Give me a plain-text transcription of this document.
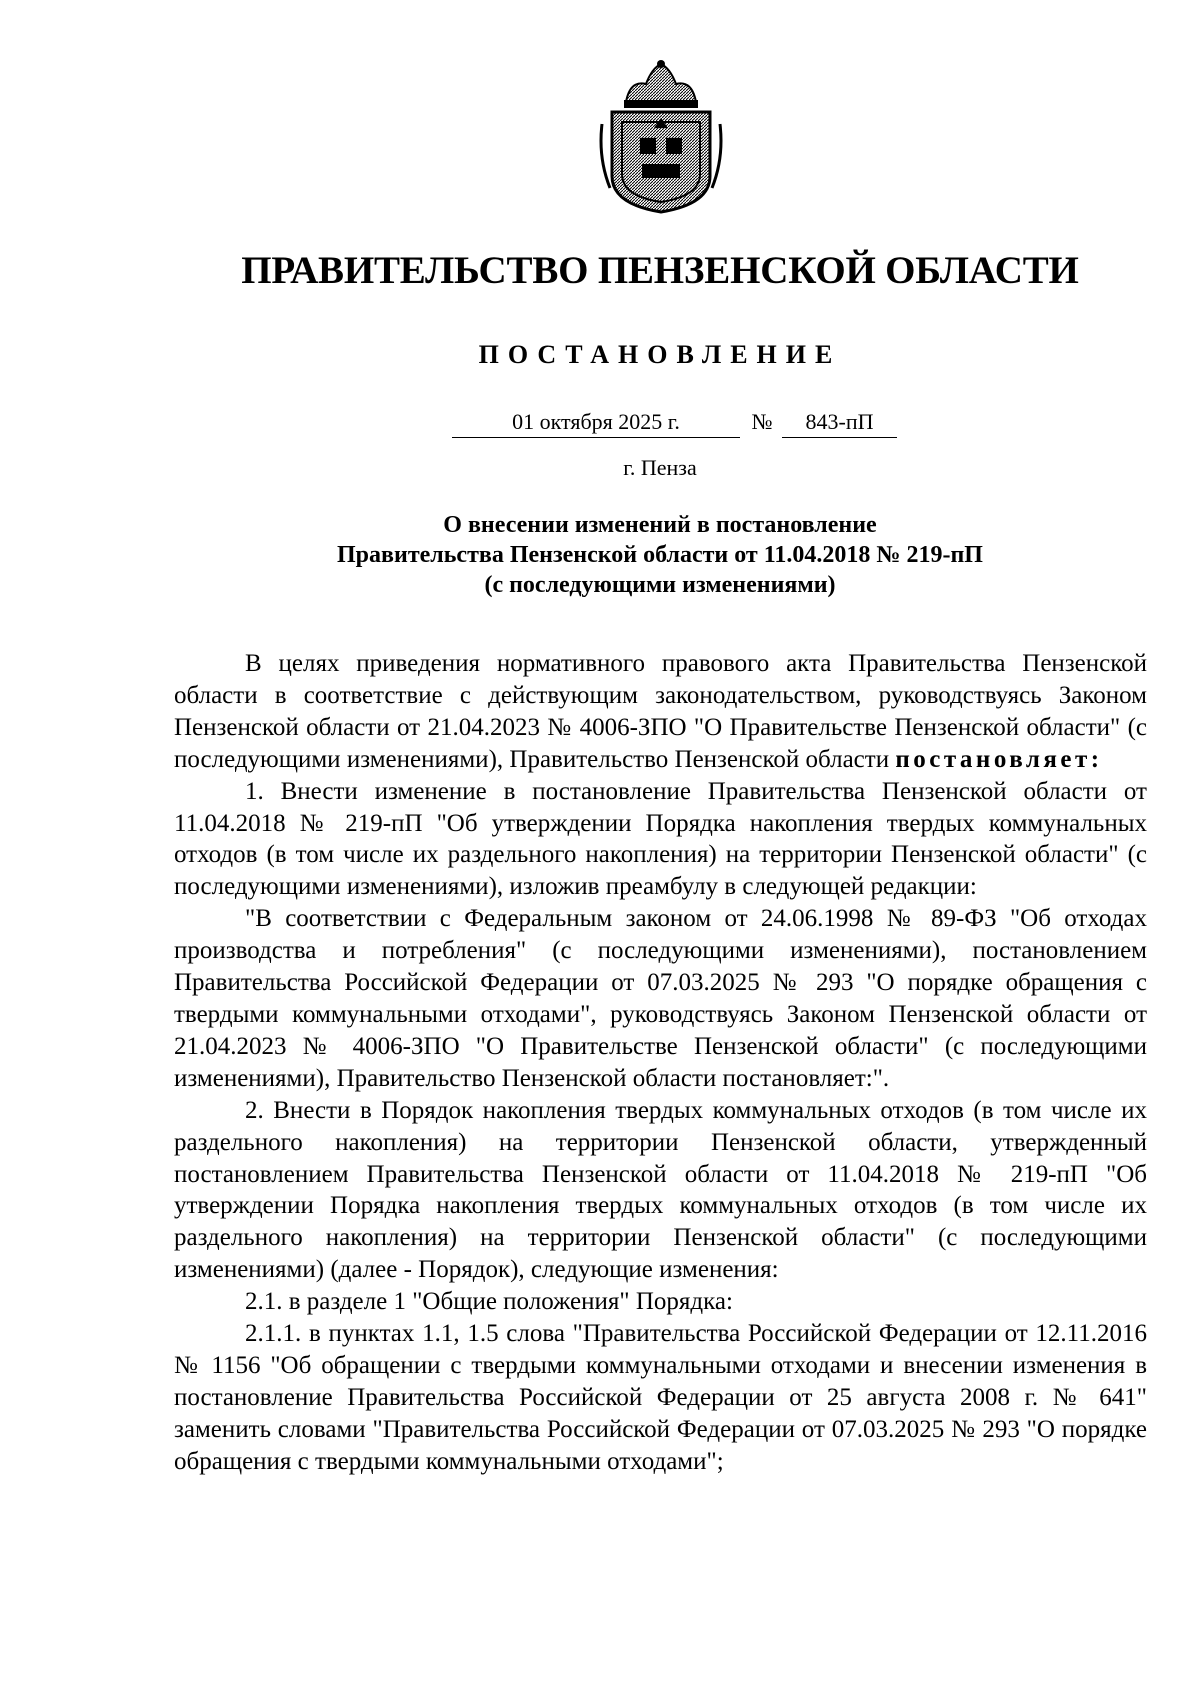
ПРАВИТЕЛЬСТВО ПЕНЗЕНСКОЙ ОБЛАСТИ
ПОСТАНОВЛЕНИЕ
01 октября 2025 г.	№	843-пП
г. Пенза
О внесении изменений в постановление
Правительства Пензенской области от 11.04.2018 № 219-пП
(с последующими изменениями)

В целях приведения нормативного правового акта Правительства Пензенской области в соответствие с действующим законодательством, руководствуясь Законом Пензенской области от 21.04.2023 № 4006-ЗПО "О Правительстве Пензенской области" (с последующими изменениями), Правительство Пензенской области постановляет:

1. Внести изменение в постановление Правительства Пензенской области от 11.04.2018 № 219-пП "Об утверждении Порядка накопления твердых коммунальных отходов (в том числе их раздельного накопления) на территории Пензенской области" (с последующими изменениями), изложив преамбулу в следующей редакции:

"В соответствии с Федеральным законом от 24.06.1998 № 89-ФЗ "Об отходах производства и потребления" (с последующими изменениями), постановлением Правительства Российской Федерации от 07.03.2025 № 293 "О порядке обращения с твердыми коммунальными отходами", руководствуясь Законом Пензенской области от 21.04.2023 № 4006-ЗПО "О Правительстве Пензенской области" (с последующими изменениями), Правительство Пензенской области постановляет:".

2. Внести в Порядок накопления твердых коммунальных отходов (в том числе их раздельного накопления) на территории Пензенской области, утвержденный постановлением Правительства Пензенской области от 11.04.2018 № 219-пП "Об утверждении Порядка накопления твердых коммунальных отходов (в том числе их раздельного накопления) на территории Пензенской области" (с последующими изменениями) (далее - Порядок), следующие изменения:

2.1. в разделе 1 "Общие положения" Порядка:

2.1.1. в пунктах 1.1, 1.5 слова "Правительства Российской Федерации от 12.11.2016 № 1156 "Об обращении с твердыми коммунальными отходами и внесении изменения в постановление Правительства Российской Федерации от 25 августа 2008 г. № 641" заменить словами "Правительства Российской Федерации от 07.03.2025 № 293 "О порядке обращения с твердыми коммунальными отходами";
